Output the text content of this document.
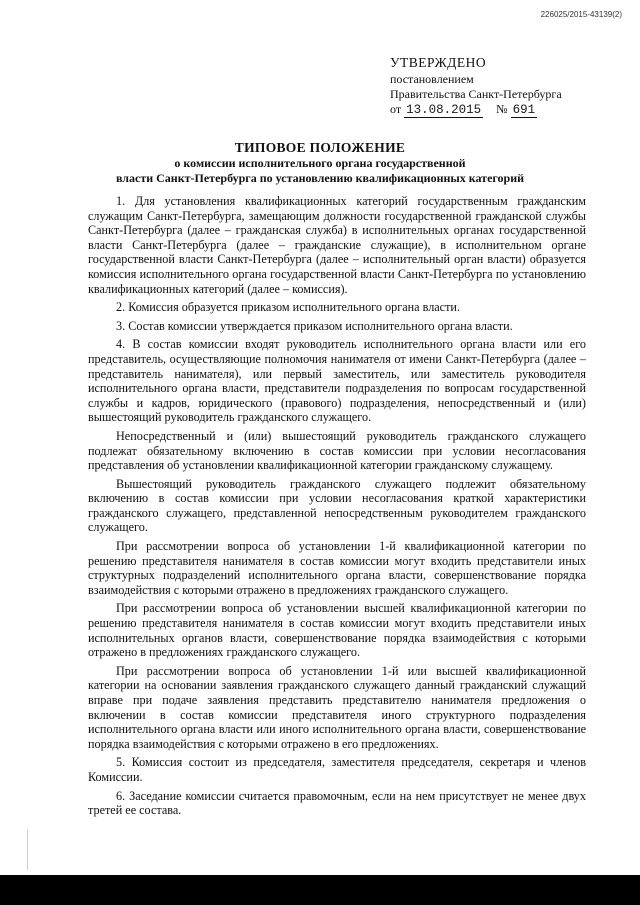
226025/2015-43139(2)
УТВЕРЖДЕНО
постановлением
Правительства Санкт-Петербурга
от 13.08.2015 № 691
ТИПОВОЕ ПОЛОЖЕНИЕ
о комиссии исполнительного органа государственной
власти Санкт-Петербурга по установлению квалификационных категорий

1. Для установления квалификационных категорий государственным гражданским служащим Санкт-Петербурга, замещающим должности государственной гражданской службы Санкт-Петербурга (далее – гражданская служба) в исполнительных органах государственной власти Санкт-Петербурга (далее – гражданские служащие), в исполнительном органе государственной власти Санкт-Петербурга (далее – исполнительный орган власти) образуется комиссия исполнительного органа государственной власти Санкт-Петербурга по установлению квалификационных категорий (далее – комиссия).

2. Комиссия образуется приказом исполнительного органа власти.

3. Состав комиссии утверждается приказом исполнительного органа власти.

4. В состав комиссии входят руководитель исполнительного органа власти или его представитель, осуществляющие полномочия нанимателя от имени Санкт-Петербурга (далее – представитель нанимателя), или первый заместитель, или заместитель руководителя исполнительного органа власти, представители подразделения по вопросам государственной службы и кадров, юридического (правового) подразделения, непосредственный и (или) вышестоящий руководитель гражданского служащего.

Непосредственный и (или) вышестоящий руководитель гражданского служащего подлежат обязательному включению в состав комиссии при условии несогласования представления об установлении квалификационной категории гражданскому служащему.

Вышестоящий руководитель гражданского служащего подлежит обязательному включению в состав комиссии при условии несогласования краткой характеристики гражданского служащего, представленной непосредственным руководителем гражданского служащего.

При рассмотрении вопроса об установлении 1-й квалификационной категории по решению представителя нанимателя в состав комиссии могут входить представители иных структурных подразделений исполнительного органа власти, совершенствование порядка взаимодействия с которыми отражено в предложениях гражданского служащего.

При рассмотрении вопроса об установлении высшей квалификационной категории по решению представителя нанимателя в состав комиссии могут входить представители иных исполнительных органов власти, совершенствование порядка взаимодействия с которыми отражено в предложениях гражданского служащего.

При рассмотрении вопроса об установлении 1-й или высшей квалификационной категории на основании заявления гражданского служащего данный гражданский служащий вправе при подаче заявления представить представителю нанимателя предложения о включении в состав комиссии представителя иного структурного подразделения исполнительного органа власти или иного исполнительного органа власти, совершенствование порядка взаимодействия с которыми отражено в его предложениях.

5. Комиссия состоит из председателя, заместителя председателя, секретаря и членов Комиссии.

6. Заседание комиссии считается правомочным, если на нем присутствует не менее двух третей ее состава.
